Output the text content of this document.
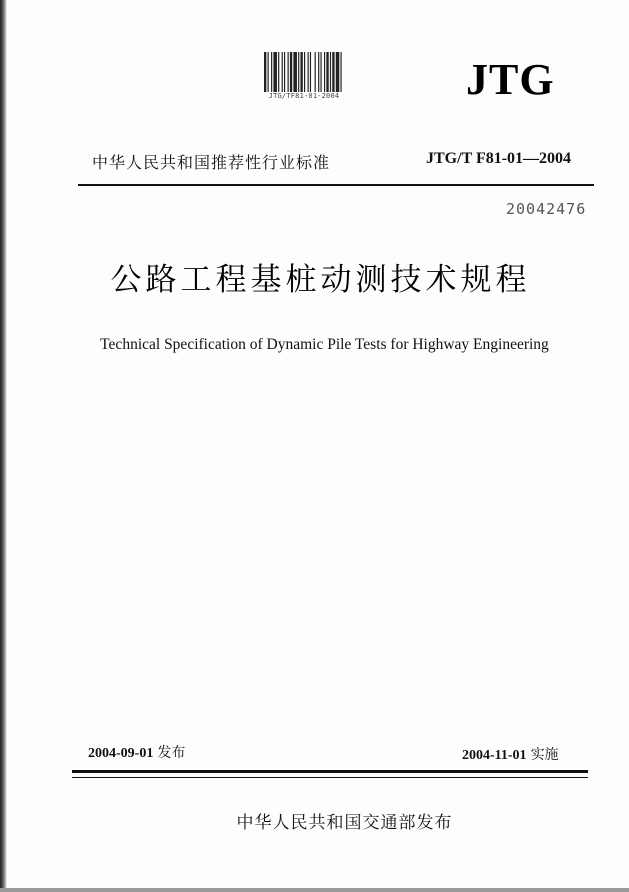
JTG/TF81-01-2004	JTG
中华人民共和国推荐性行业标准	JTG/T F81-01—2004
20042476
公路工程基桩动测技术规程
Technical Specification of Dynamic Pile Tests for Highway Engineering
2004-09-01 发布	2004-11-01 实施
中华人民共和国交通部发布
